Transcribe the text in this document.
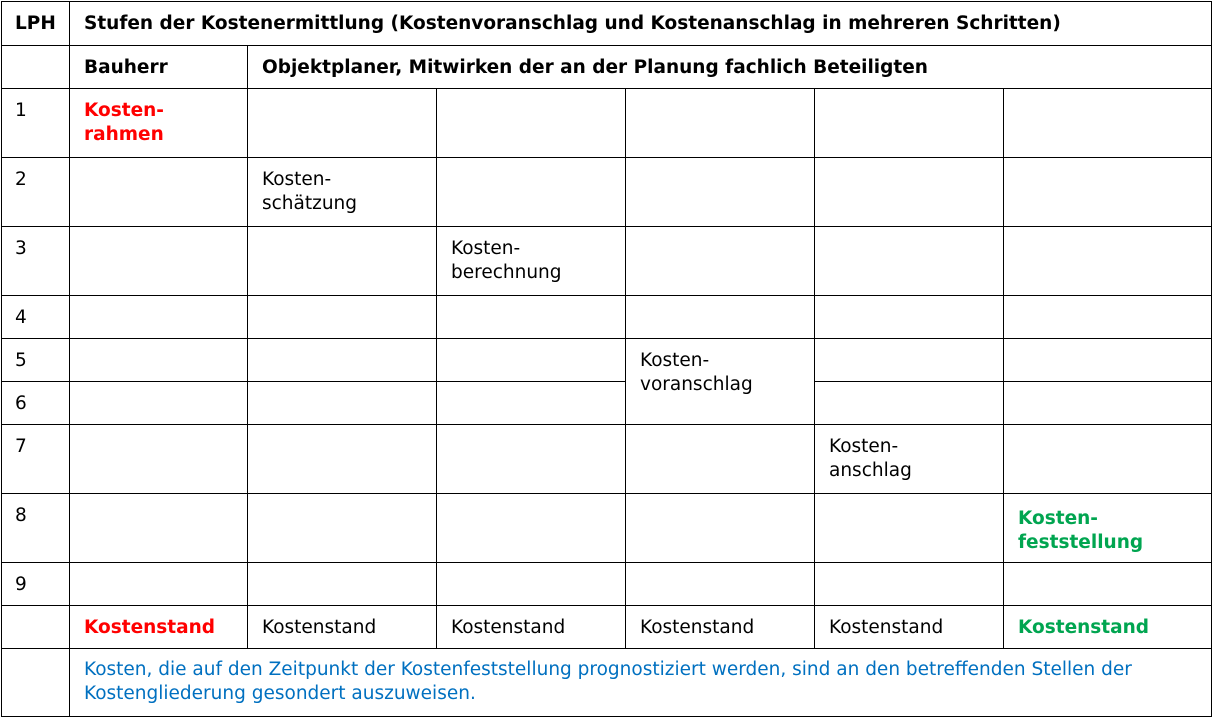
LPH	Stufen der Kostenermittlung (Kostenvoranschlag und Kostenanschlag in mehreren Schritten)					
	Bauherr	Objektplaner, Mitwirken der an der Planung fachlich Beteiligten				
1	Kosten-
rahmen					

2		Kosten-
schätzung				

3			Kosten-
berechnung			

4						
5				Kosten-
voranschlag		

6						
7					Kosten-
anschlag	

8						Kosten-
feststellung

9						
	Kostenstand	Kostenstand	Kostenstand	Kostenstand	Kostenstand	Kostenstand
	Kosten, die auf den Zeitpunkt der Kostenfeststellung prognostiziert werden, sind an den betreffenden Stellen der Kostengliederung gesondert auszuweisen.					
